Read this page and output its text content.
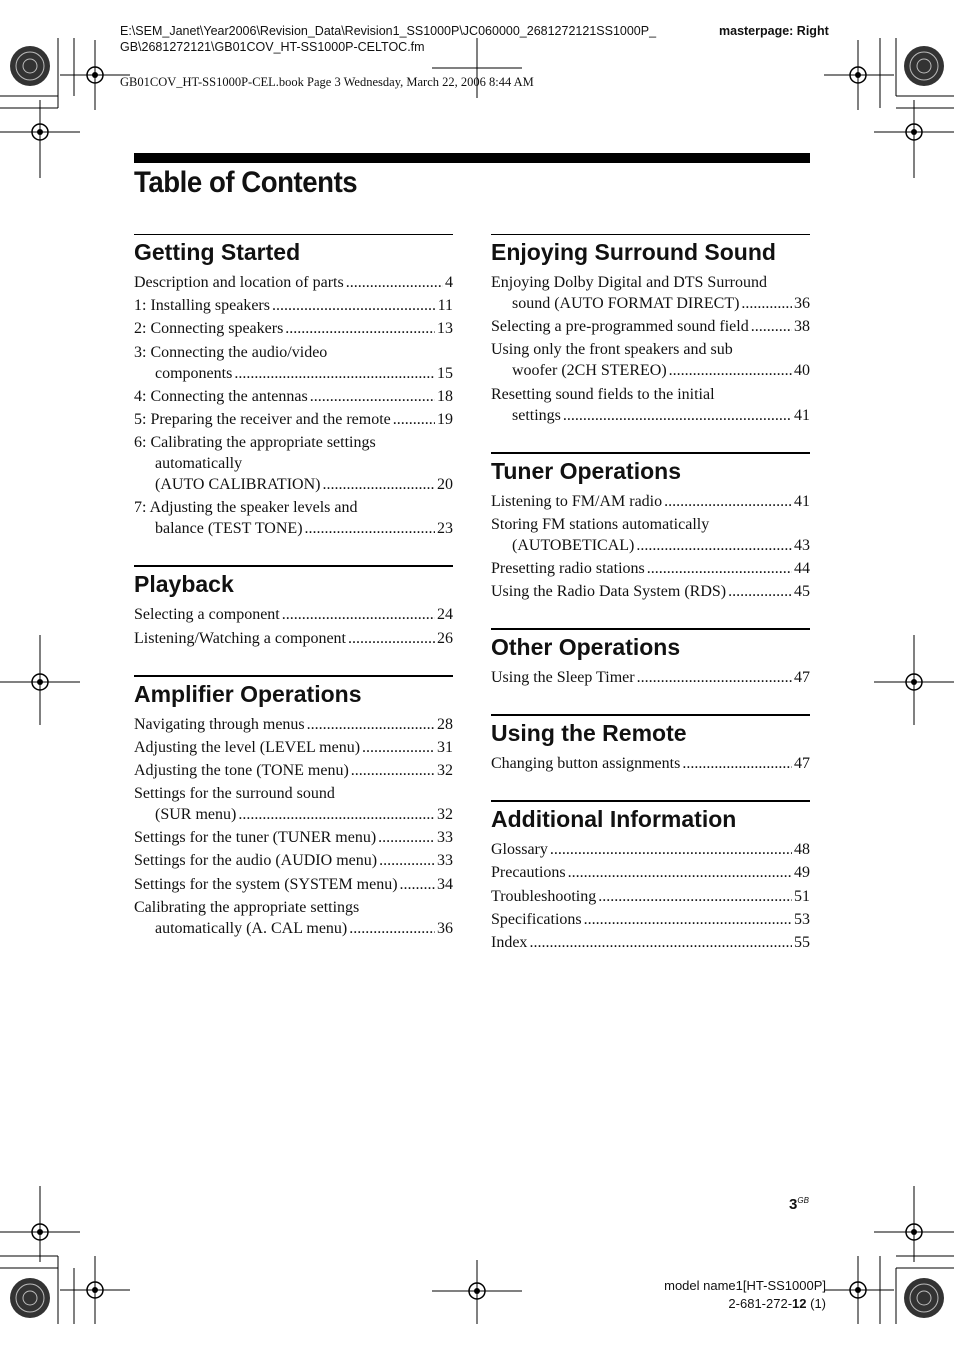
E:\SEM_Janet\Year2006\Revision_Data\Revision1_SS1000P\JC060000_2681272121SS1000P_
GB\2681272121\GB01COV_HT-SS1000P-CELTOC.fm
masterpage: Right
GB01COV_HT-SS1000P-CEL.book Page 3 Wednesday, March 22, 2006 8:44 AM
Table of Contents
Getting Started
Description and location of parts .....	4
1: Installing speakers .....	11
2: Connecting speakers .....	13
3: Connecting the audio/video
components .....	15
4: Connecting the antennas .....	18
5: Preparing the receiver and the remote .....	19
6: Calibrating the appropriate settings
automatically
(AUTO CALIBRATION) .....	20
7: Adjusting the speaker levels and
balance (TEST TONE) .....	23
Playback
Selecting a component .....	24
Listening/Watching a component .....	26
Amplifier Operations
Navigating through menus .....	28
Adjusting the level (LEVEL menu) .....	31
Adjusting the tone (TONE menu) .....	32
Settings for the surround sound
(SUR menu) .....	32
Settings for the tuner (TUNER menu) .....	33
Settings for the audio (AUDIO menu) .....	33
Settings for the system (SYSTEM menu) ..... 34
Calibrating the appropriate settings
automatically (A. CAL menu) .....	36
Enjoying Surround Sound
Enjoying Dolby Digital and DTS Surround
sound (AUTO FORMAT DIRECT) .....	36
Selecting a pre-programmed sound field .....	38
Using only the front speakers and sub
woofer (2CH STEREO) .....	40
Resetting sound fields to the initial
settings .....	41
Tuner Operations
Listening to FM/AM radio .....	41
Storing FM stations automatically
(AUTOBETICAL) .....	43
Presetting radio stations .....	44
Using the Radio Data System (RDS) .....	45
Other Operations
Using the Sleep Timer .....	47
Using the Remote
Changing button assignments .....	47
Additional Information
Glossary .....	48
Precautions .....	49
Troubleshooting .....	51
Specifications .....	53
Index .....	55
$3^{GB}$
model name1[HT-SS1000P]
2-681-272-12 (1)
